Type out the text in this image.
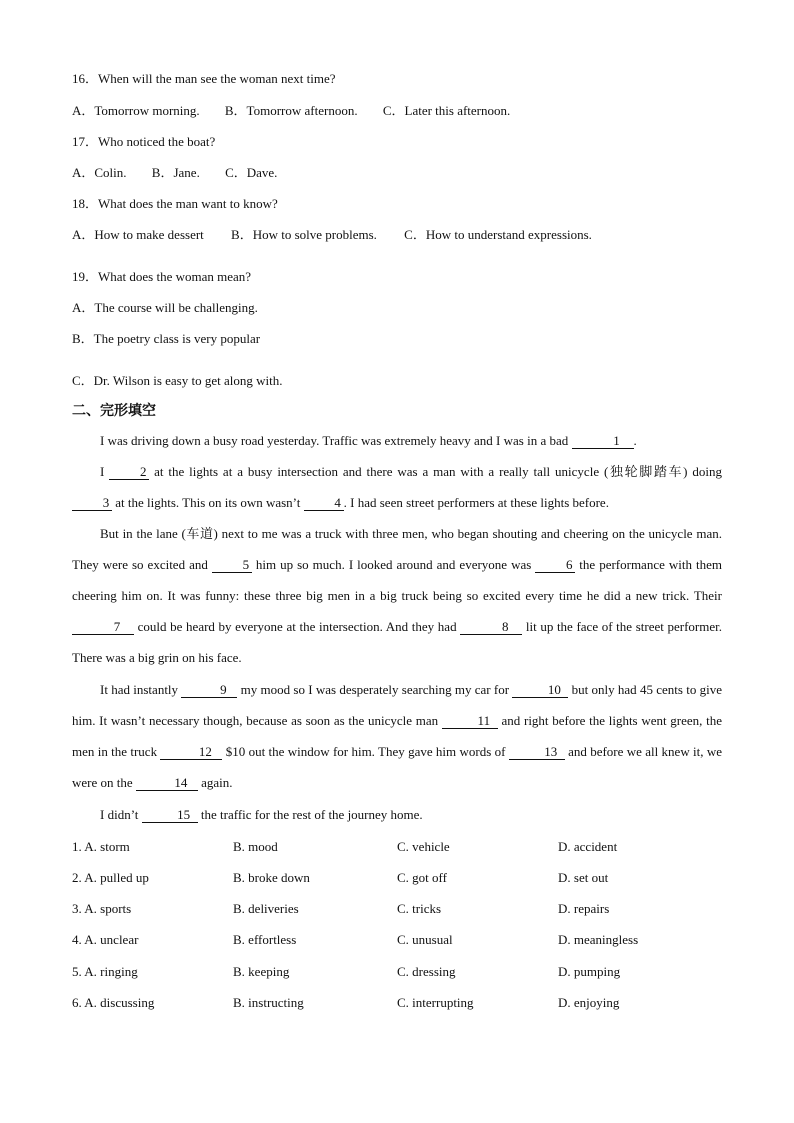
16．When will the man see the woman next time?
A．Tomorrow morning. B．Tomorrow afternoon. C．Later this afternoon.
17．Who noticed the boat?
A．Colin. B．Jane. C．Dave.
18．What does the man want to know?
A．How to make dessert B．How to solve problems. C．How to understand expressions.
19．What does the woman mean?
A．The course will be challenging.
B．The poetry class is very popular
C．Dr. Wilson is easy to get along with.
二、完形填空
I was driving down a busy road yesterday. Traffic was extremely heavy and I was in a bad	1 .
I 2 at the lights at a busy intersection and there was a man with a really tall unicycle (独轮脚踏车) doing 3 at the lights. This on its own wasn’t 4 . I had seen street performers at these lights before.
But in the lane (车道) next to me was a truck with three men, who began shouting and cheering on the unicycle man. They were so excited and 5 him up so much. I looked around and everyone was 6 the performance with them cheering him on. It was funny: these three big men in a big truck being so excited every time he did a new trick. Their 7 could be heard by everyone at the intersection. And they had	8 lit up the face of the street performer. There was a big grin on his face.
It had instantly	9 my mood so I was desperately searching my car for	10 but only had 45 cents to give him. It wasn’t necessary though, because as soon as the unicycle man	11 and right before the lights went green, the men in the truck	12 $10 out the window for him. They gave him words of	13 and before we all knew it, we were on the	14 again.
I didn’t	15 the traffic for the rest of the journey home.
1. A. storm	B. mood	C. vehicle	D. accident
2. A. pulled up	B. broke down	C. got off	D. set out
3. A. sports	B. deliveries	C. tricks	D. repairs
4. A. unclear	B. effortless	C. unusual	D. meaningless
5. A. ringing	B. keeping	C. dressing	D. pumping
6. A. discussing	B. instructing	C. interrupting	D. enjoying
